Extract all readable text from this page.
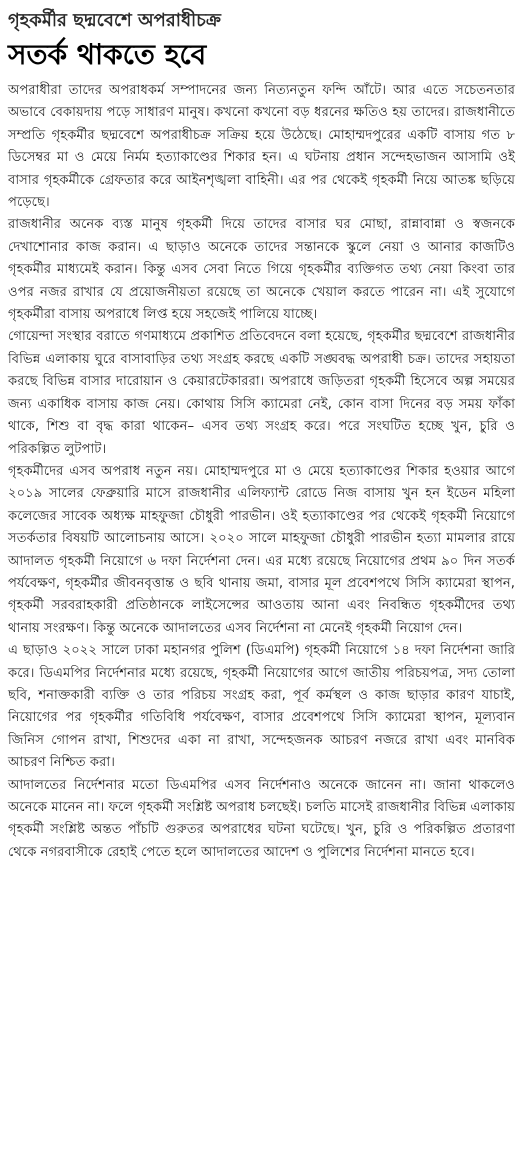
গৃহকর্মীর ছদ্মবেশে অপরাধীচক্র
সতর্ক থাকতে হবে

অপরাধীরা তাদের অপরাধকর্ম সম্পাদনের জন্য নিত্যনতুন ফন্দি আঁটে। আর এতে সচেতনতার অভাবে বেকায়দায় পড়ে সাধারণ মানুষ। কখনো কখনো বড় ধরনের ক্ষতিও হয় তাদের। রাজধানীতে সম্প্রতি গৃহকর্মীর ছদ্মবেশে অপরাধীচক্র সক্রিয় হয়ে উঠেছে। মোহাম্মদপুরের একটি বাসায় গত ৮ ডিসেম্বর মা ও মেয়ে নির্মম হত্যাকাণ্ডের শিকার হন। এ ঘটনায় প্রধান সন্দেহভাজন আসামি ওই বাসার গৃহকর্মীকে গ্রেফতার করে আইনশৃঙ্খলা বাহিনী। এর পর থেকেই গৃহকর্মী নিয়ে আতঙ্ক ছড়িয়ে পড়েছে।

রাজধানীর অনেক ব্যস্ত মানুষ গৃহকর্মী দিয়ে তাদের বাসার ঘর মোছা, রান্নাবান্না ও স্বজনকে দেখাশোনার কাজ করান। এ ছাড়াও অনেকে তাদের সন্তানকে স্কুলে নেয়া ও আনার কাজটিও গৃহকর্মীর মাধ্যমেই করান। কিন্তু এসব সেবা নিতে গিয়ে গৃহকর্মীর ব্যক্তিগত তথ্য নেয়া কিংবা তার ওপর নজর রাখার যে প্রয়োজনীয়তা রয়েছে তা অনেকে খেয়াল করতে পারেন না। এই সুযোগে গৃহকর্মীরা বাসায় অপরাধে লিপ্ত হয়ে সহজেই পালিয়ে যাচ্ছে।

গোয়েন্দা সংস্থার বরাতে গণমাধ্যমে প্রকাশিত প্রতিবেদনে বলা হয়েছে, গৃহকর্মীর ছদ্মবেশে রাজধানীর বিভিন্ন এলাকায় ঘুরে বাসাবাড়ির তথ্য সংগ্রহ করছে একটি সঙ্ঘবদ্ধ অপরাধী চক্র। তাদের সহায়তা করছে বিভিন্ন বাসার দারোয়ান ও কেয়ারটেকাররা। অপরাধে জড়িতরা গৃহকর্মী হিসেবে অল্প সময়ের জন্য একাধিক বাসায় কাজ নেয়। কোথায় সিসি ক্যামেরা নেই, কোন বাসা দিনের বড় সময় ফাঁকা থাকে, শিশু বা বৃদ্ধ কারা থাকেন– এসব তথ্য সংগ্রহ করে। পরে সংঘটিত হচ্ছে খুন, চুরি ও পরিকল্পিত লুটপাট।

গৃহকর্মীদের এসব অপরাধ নতুন নয়। মোহাম্মদপুরে মা ও মেয়ে হত্যাকাণ্ডের শিকার হওয়ার আগে ২০১৯ সালের ফেব্রুয়ারি মাসে রাজধানীর এলিফ্যান্ট রোডে নিজ বাসায় খুন হন ইডেন মহিলা কলেজের সাবেক অধ্যক্ষ মাহফুজা চৌধুরী পারভীন। ওই হত্যাকাণ্ডের পর থেকেই গৃহকর্মী নিয়োগে সতর্কতার বিষয়টি আলোচনায় আসে। ২০২০ সালে মাহফুজা চৌধুরী পারভীন হত্যা মামলার রায়ে আদালত গৃহকর্মী নিয়োগে ৬ দফা নির্দেশনা দেন। এর মধ্যে রয়েছে নিয়োগের প্রথম ৯০ দিন সতর্ক পর্যবেক্ষণ, গৃহকর্মীর জীবনবৃত্তান্ত ও ছবি থানায় জমা, বাসার মূল প্রবেশপথে সিসি ক্যামেরা স্থাপন, গৃহকর্মী সরবরাহকারী প্রতিষ্ঠানকে লাইসেন্সের আওতায় আনা এবং নিবন্ধিত গৃহকর্মীদের তথ্য থানায় সংরক্ষণ। কিন্তু অনেকে আদালতের এসব নির্দেশনা না মেনেই গৃহকর্মী নিয়োগ দেন।

এ ছাড়াও ২০২২ সালে ঢাকা মহানগর পুলিশ (ডিএমপি) গৃহকর্মী নিয়োগে ১৪ দফা নির্দেশনা জারি করে। ডিএমপির নির্দেশনার মধ্যে রয়েছে, গৃহকর্মী নিয়োগের আগে জাতীয় পরিচয়পত্র, সদ্য তোলা ছবি, শনাক্তকারী ব্যক্তি ও তার পরিচয় সংগ্রহ করা, পূর্ব কর্মস্থল ও কাজ ছাড়ার কারণ যাচাই, নিয়োগের পর গৃহকর্মীর গতিবিধি পর্যবেক্ষণ, বাসার প্রবেশপথে সিসি ক্যামেরা স্থাপন, মূল্যবান জিনিস গোপন রাখা, শিশুদের একা না রাখা, সন্দেহজনক আচরণ নজরে রাখা এবং মানবিক আচরণ নিশ্চিত করা।

আদালতের নির্দেশনার মতো ডিএমপির এসব নির্দেশনাও অনেকে জানেন না। জানা থাকলেও অনেকে মানেন না। ফলে গৃহকর্মী সংশ্লিষ্ট অপরাধ চলছেই। চলতি মাসেই রাজধানীর বিভিন্ন এলাকায় গৃহকর্মী সংশ্লিষ্ট অন্তত পাঁচটি গুরুতর অপরাধের ঘটনা ঘটেছে। খুন, চুরি ও পরিকল্পিত প্রতারণা থেকে নগরবাসীকে রেহাই পেতে হলে আদালতের আদেশ ও পুলিশের নির্দেশনা মানতে হবে।
